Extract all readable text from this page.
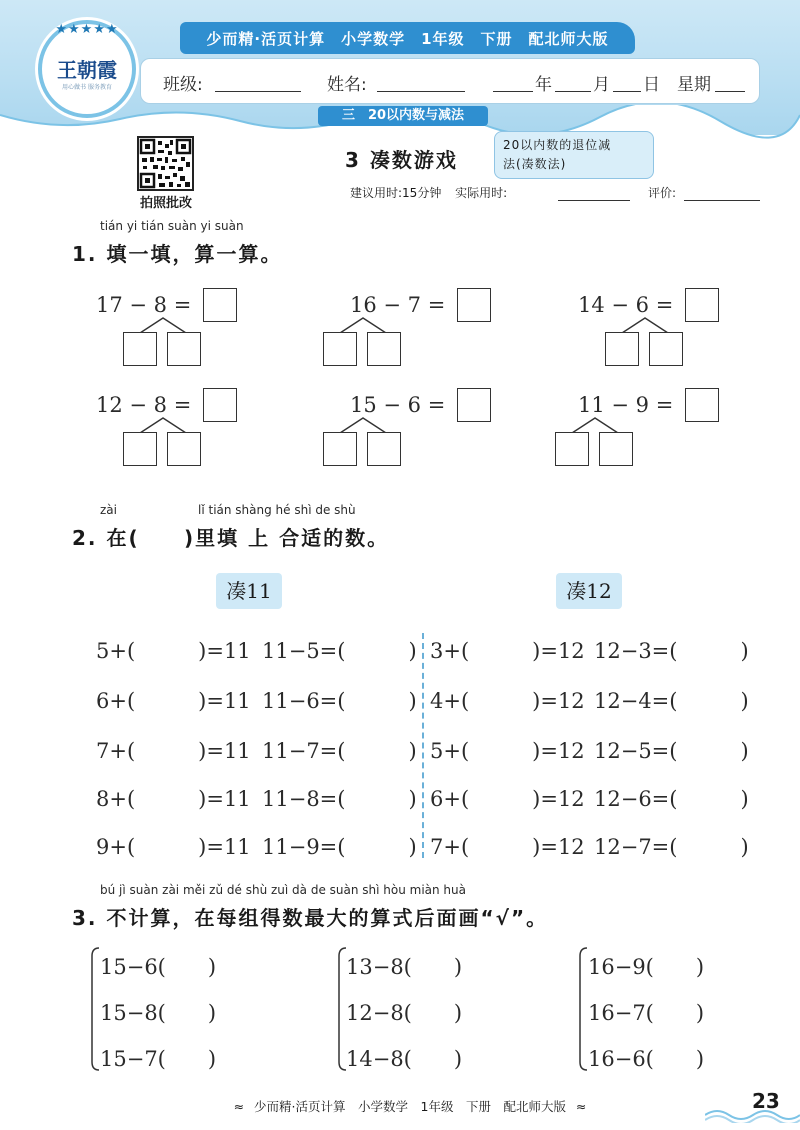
★★★★★
王朝霞
用心做书 服务教育
少而精·活页计算　小学数学　1年级　下册　配北师大版
班级:	姓名:	年 月 日 星期
三　20以内数与减法
拍照批改
3 凑数游戏
20以内数的退位减
法(凑数法)
建议用时:15分钟 实际用时:	评价:
tián yi tián suàn yi suàn
1. 填一填，算一算。
17 − 8 =	16 − 7 =	14 − 6 =
12 − 8 =	15 − 6 =	11 − 9 =
zài	lǐ tián shàng hé shì de shù
2. 在( )里填 上 合适的数。
凑11	凑12
5+(　　　)=11 11−5=(　　　)
6+(　　　)=11 11−6=(　　　)
7+(　　　)=11 11−7=(　　　)
8+(　　　)=11 11−8=(　　　)
9+(　　　)=11 11−9=(　　　)
3+(　　　)=12 12−3=(　　　)
4+(　　　)=12 12−4=(　　　)
5+(　　　)=12 12−5=(　　　)
6+(　　　)=12 12−6=(　　　)
7+(　　　)=12 12−7=(　　　)
bú jì suàn zài měi zǔ dé shù zuì dà de suàn shì hòu miàn huà
3. 不计算，在每组得数最大的算式后面画“√”。
15−6(　　)
15−8(　　)
15−7(　　)
13−8(　　)
12−8(　　)
14−8(　　)
16−9(　　)
16−7(　　)
16−6(　　)
≈ 少而精·活页计算　小学数学　1年级　下册　配北师大版 ≈	23
